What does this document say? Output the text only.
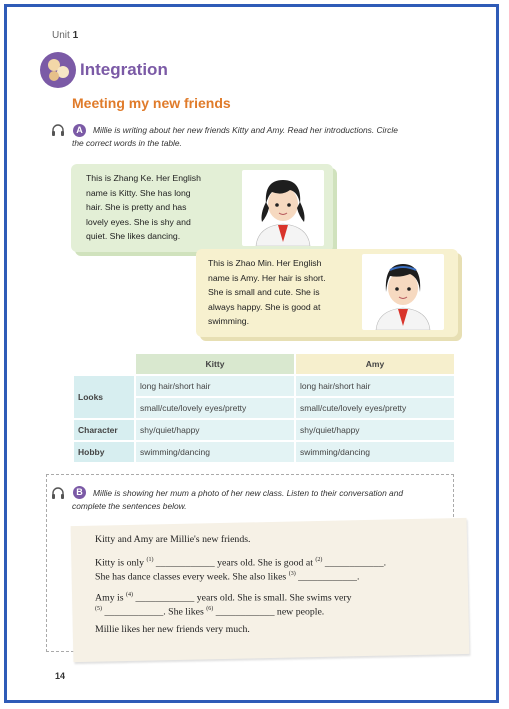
Unit 1
Integration
Meeting my new friends
A	Millie is writing about her new friends Kitty and Amy. Read her introductions. Circle
the correct words in the table.
This is Zhang Ke. Her English
name is Kitty. She has long
hair. She is pretty and has
lovely eyes. She is shy and
quiet. She likes dancing.
This is Zhao Min. Her English
name is Amy. Her hair is short.
She is small and cute. She is
always happy. She is good at
swimming.
	Kitty	Amy
Looks	long hair/short hair	long hair/short hair
	small/cute/lovely eyes/pretty	small/cute/lovely eyes/pretty
Character	shy/quiet/happy	shy/quiet/happy
Hobby	swimming/dancing	swimming/dancing
B	Millie is showing her mum a photo of her new class. Listen to their conversation and
complete the sentences below.
Kitty and Amy are Millie's new friends.
Kitty is only $^{(1)}$ ____________ years old. She is good at $^{(2)}$ ____________.
She has dance classes every week. She also likes $^{(3)}$ ____________.
Amy is $^{(4)}$ ____________ years old. She is small. She swims very
$^{(5)}$ ____________. She likes $^{(6)}$ ____________ new people.
Millie likes her new friends very much.
14
